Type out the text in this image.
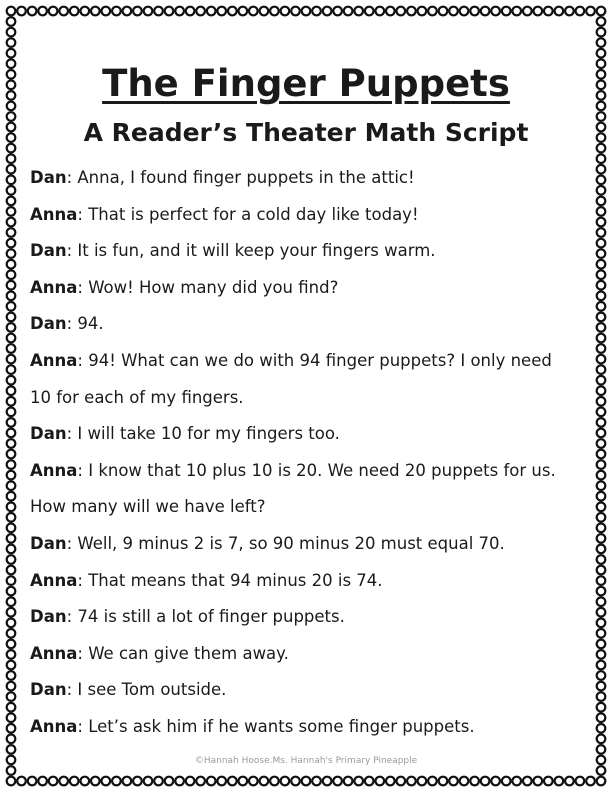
The Finger Puppets
A Reader’s Theater Math Script

Dan: Anna, I found finger puppets in the attic!

Anna: That is perfect for a cold day like today!

Dan: It is fun, and it will keep your fingers warm.

Anna: Wow! How many did you find?

Dan: 94.

Anna: 94! What can we do with 94 finger puppets? I only need 10 for each of my fingers.

Dan: I will take 10 for my fingers too.

Anna: I know that 10 plus 10 is 20. We need 20 puppets for us. How many will we have left?

Dan: Well, 9 minus 2 is 7, so 90 minus 20 must equal 70.

Anna: That means that 94 minus 20 is 74.

Dan: 74 is still a lot of finger puppets.

Anna: We can give them away.

Dan: I see Tom outside.

Anna: Let’s ask him if he wants some finger puppets.

©Hannah Hoose.Ms. Hannah's Primary Pineapple
